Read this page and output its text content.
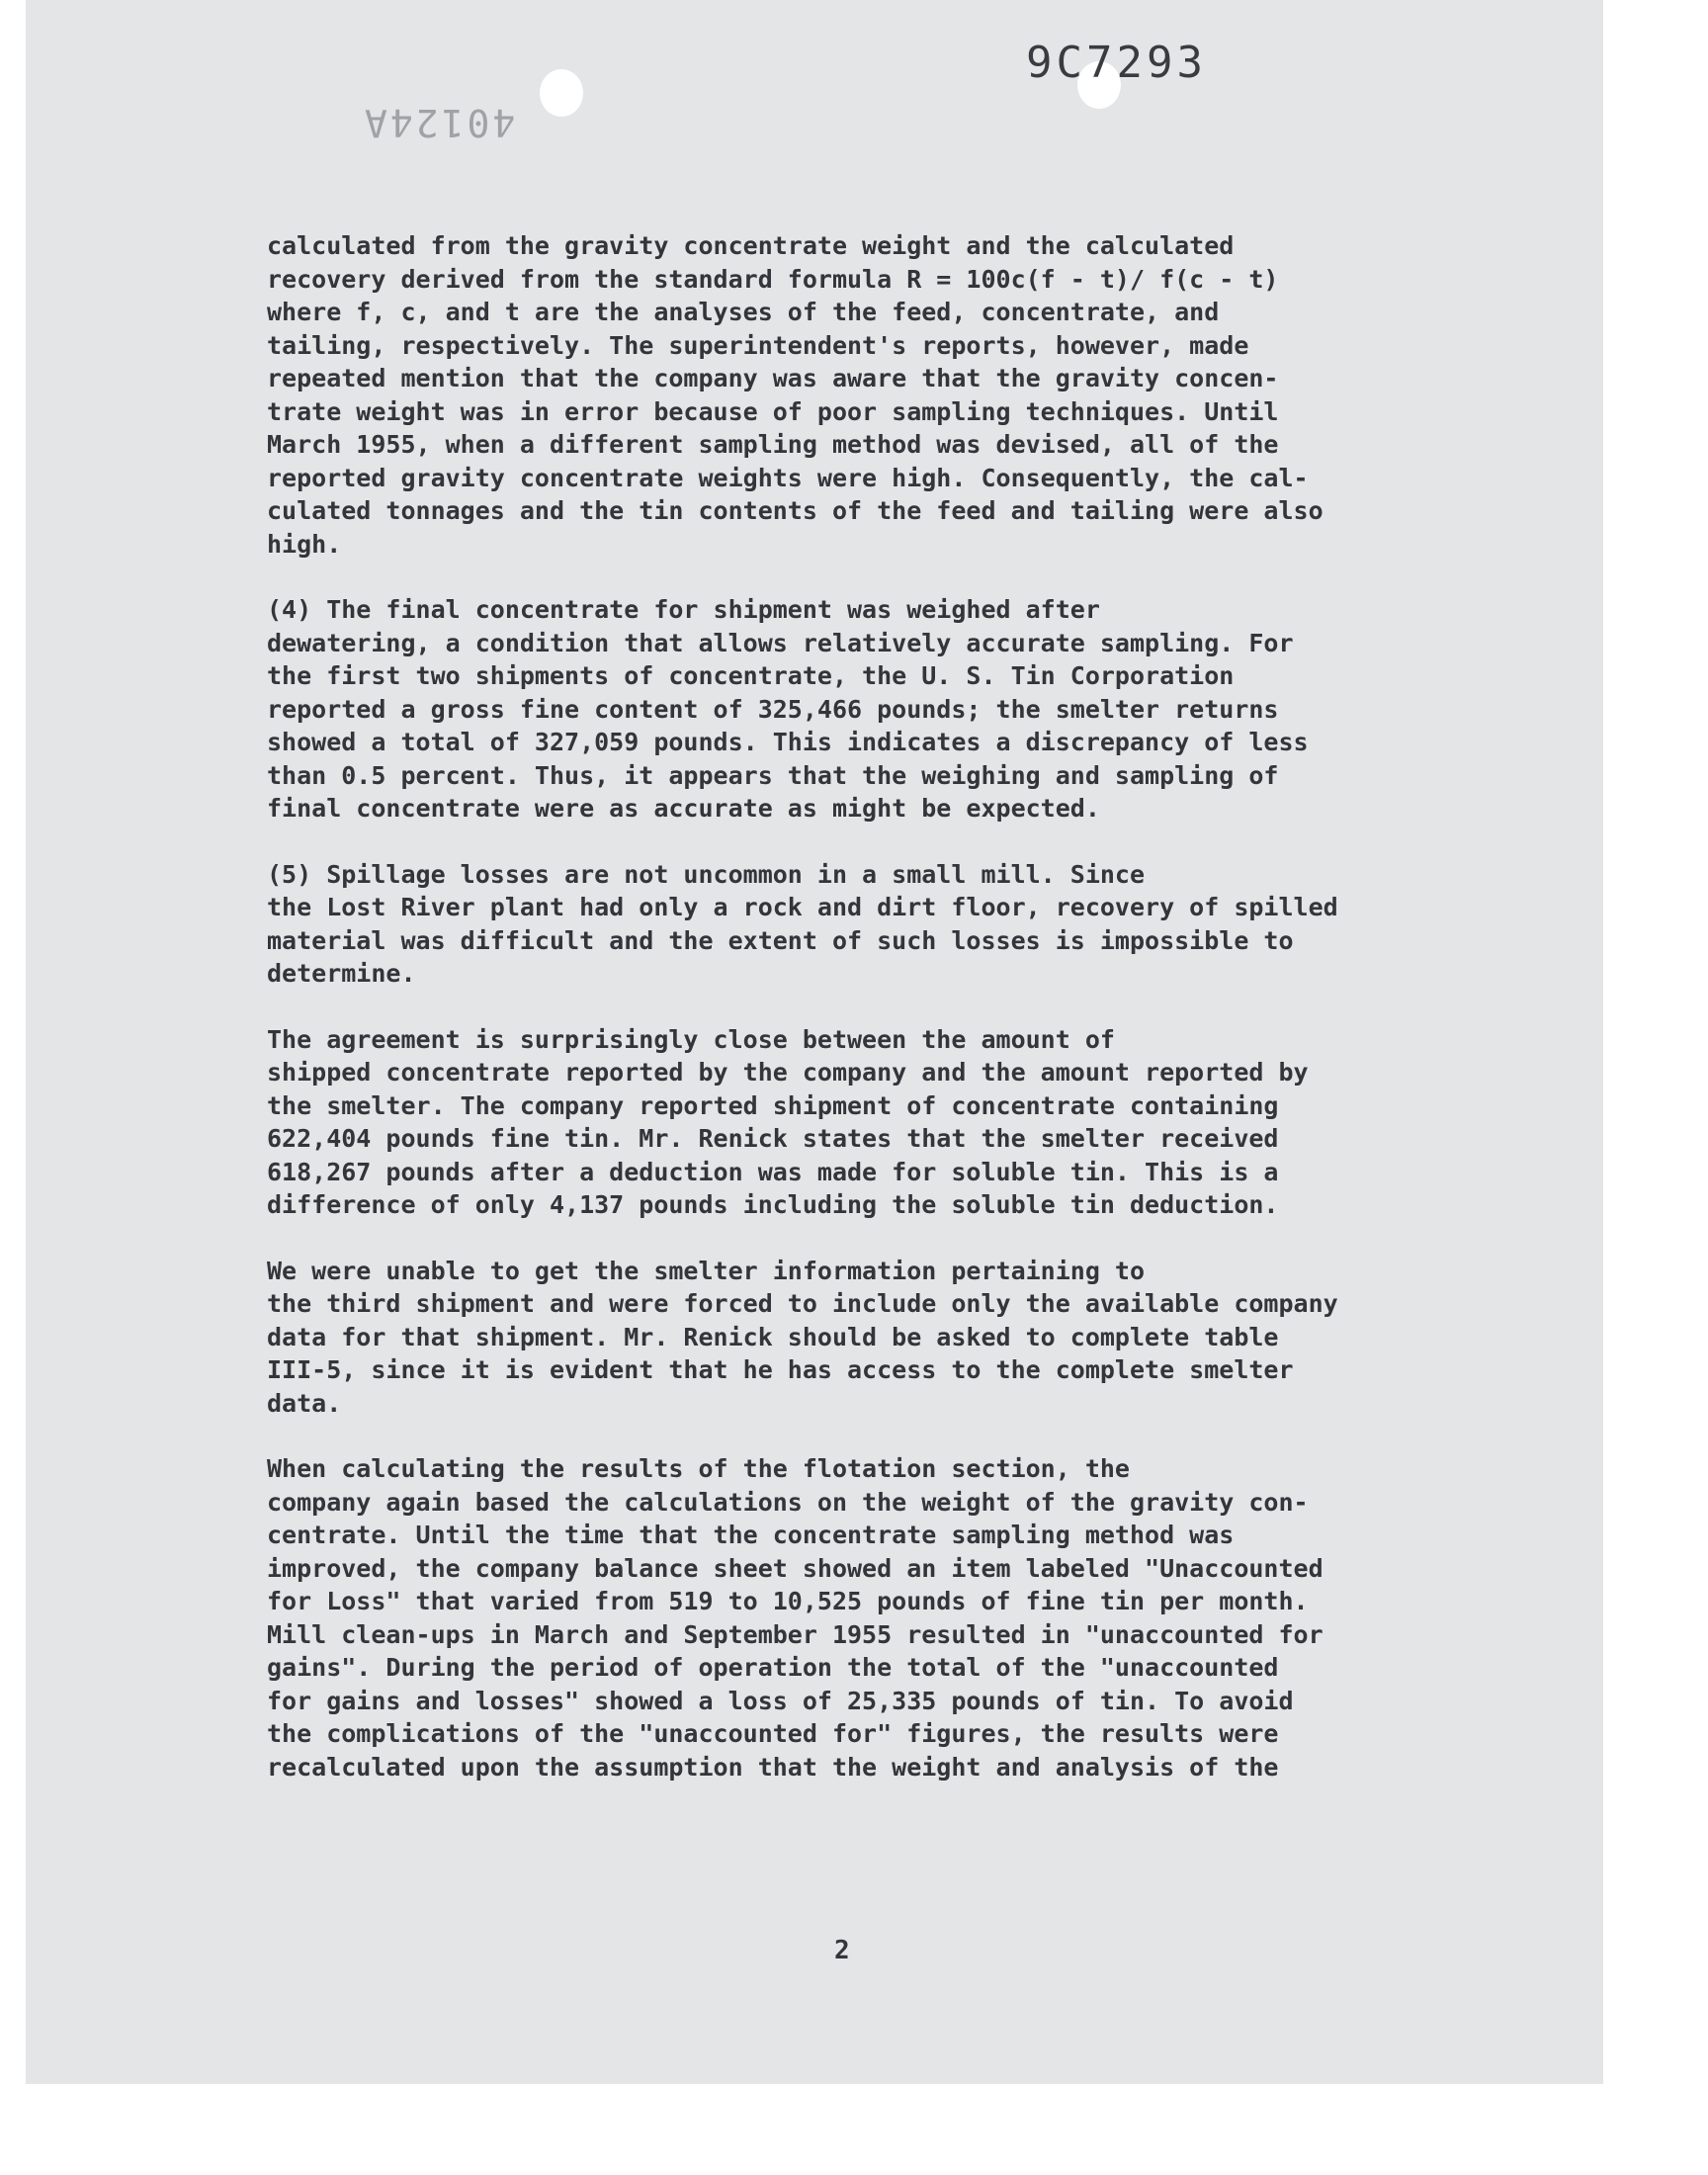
40124A
9C7293

calculated from the gravity concentrate weight and the calculated
recovery derived from the standard formula R = 100c(f - t)/ f(c - t)
where f, c, and t are the analyses of the feed, concentrate, and
tailing, respectively. The superintendent's reports, however, made
repeated mention that the company was aware that the gravity concen-
trate weight was in error because of poor sampling techniques. Until
March 1955, when a different sampling method was devised, all of the
reported gravity concentrate weights were high. Consequently, the cal-
culated tonnages and the tin contents of the feed and tailing were also
high.

(4) The final concentrate for shipment was weighed after
dewatering, a condition that allows relatively accurate sampling. For
the first two shipments of concentrate, the U. S. Tin Corporation
reported a gross fine content of 325,466 pounds; the smelter returns
showed a total of 327,059 pounds. This indicates a discrepancy of less
than 0.5 percent. Thus, it appears that the weighing and sampling of
final concentrate were as accurate as might be expected.

(5) Spillage losses are not uncommon in a small mill. Since
the Lost River plant had only a rock and dirt floor, recovery of spilled
material was difficult and the extent of such losses is impossible to
determine.

The agreement is surprisingly close between the amount of
shipped concentrate reported by the company and the amount reported by
the smelter. The company reported shipment of concentrate containing
622,404 pounds fine tin. Mr. Renick states that the smelter received
618,267 pounds after a deduction was made for soluble tin. This is a
difference of only 4,137 pounds including the soluble tin deduction.

We were unable to get the smelter information pertaining to
the third shipment and were forced to include only the available company
data for that shipment. Mr. Renick should be asked to complete table
III-5, since it is evident that he has access to the complete smelter
data.

When calculating the results of the flotation section, the
company again based the calculations on the weight of the gravity con-
centrate. Until the time that the concentrate sampling method was
improved, the company balance sheet showed an item labeled "Unaccounted
for Loss" that varied from 519 to 10,525 pounds of fine tin per month.
Mill clean-ups in March and September 1955 resulted in "unaccounted for
gains". During the period of operation the total of the "unaccounted
for gains and losses" showed a loss of 25,335 pounds of tin. To avoid
the complications of the "unaccounted for" figures, the results were
recalculated upon the assumption that the weight and analysis of the

2
